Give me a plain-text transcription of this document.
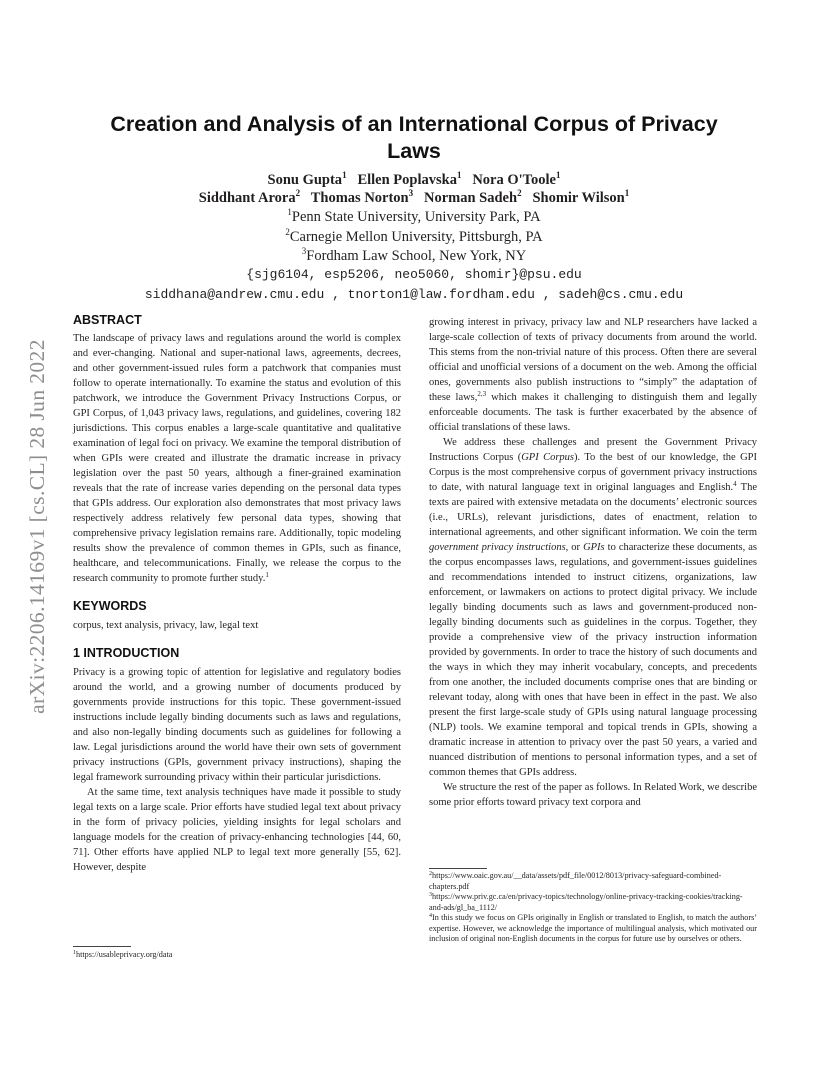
arXiv:2206.14169v1 [cs.CL] 28 Jun 2022
Creation and Analysis of an International Corpus of Privacy
Laws
Sonu Gupta$^1$ Ellen Poplavska$^1$ Nora O'Toole$^1$
Siddhant Arora$^2$ Thomas Norton$^3$ Norman Sadeh$^2$ Shomir Wilson$^1$
$^1$Penn State University, University Park, PA
$^2$Carnegie Mellon University, Pittsburgh, PA
$^3$Fordham Law School, New York, NY
{sjg6104, esp5206, neo5060, shomir}@psu.edu
siddhana@andrew.cmu.edu , tnorton1@law.fordham.edu , sadeh@cs.cmu.edu

ABSTRACT

The landscape of privacy laws and regulations around the world is complex and ever-changing. National and super-national laws, agreements, decrees, and other government-issued rules form a patchwork that companies must follow to operate internationally. To examine the status and evolution of this patchwork, we introduce the Government Privacy Instructions Corpus, or GPI Corpus, of 1,043 privacy laws, regulations, and guidelines, covering 182 jurisdictions. This corpus enables a large-scale quantitative and qualitative examination of legal foci on privacy. We examine the temporal distribution of when GPIs were created and illustrate the dramatic increase in privacy legislation over the past 50 years, although a finer-grained examination reveals that the rate of increase varies depending on the personal data types that GPIs address. Our exploration also demonstrates that most privacy laws respectively address relatively few personal data types, showing that comprehensive privacy legislation remains rare. Additionally, topic modeling results show the prevalence of common themes in GPIs, such as finance, healthcare, and telecommunications. Finally, we release the corpus to the research community to promote further study.$^1$

KEYWORDS

corpus, text analysis, privacy, law, legal text

1 INTRODUCTION

Privacy is a growing topic of attention for legislative and regulatory bodies around the world, and a growing number of documents produced by governments provide instructions for this topic. These government-issued instructions include legally binding documents such as laws and regulations, and also non-legally binding documents such as guidelines for following a law. Legal jurisdictions around the world have their own sets of government privacy instructions (GPIs, government privacy instructions), shaping the legal framework surrounding privacy within their particular jurisdictions.

At the same time, text analysis techniques have made it possible to study legal texts on a large scale. Prior efforts have studied legal text about privacy in the form of privacy policies, yielding insights for legal scholars and language models for the creation of privacy-enhancing technologies [44, 60, 71]. Other efforts have applied NLP to legal text more generally [55, 62]. However, despite

$^1$https://usableprivacy.org/data

growing interest in privacy, privacy law and NLP researchers have lacked a large-scale collection of texts of privacy documents from around the world. This stems from the non-trivial nature of this process. Often there are several official and unofficial versions of a document on the web. Among the official ones, governments also publish instructions to “simply” the adaptation of these laws,$^{2,3}$ which makes it challenging to distinguish them and legally enforceable documents. The task is further exacerbated by the absence of official translations of these laws.

We address these challenges and present the Government Privacy Instructions Corpus (GPI Corpus). To the best of our knowledge, the GPI Corpus is the most comprehensive corpus of government privacy instructions to date, with natural language text in original languages and English.$^4$ The texts are paired with extensive metadata on the documents’ electronic sources (i.e., URLs), relevant jurisdictions, dates of enactment, relation to international agreements, and other significant information. We coin the term government privacy instructions, or GPIs to characterize these documents, as the corpus encompasses laws, regulations, and government-issues guidelines and recommendations intended to instruct citizens, organizations, law enforcement, or lawmakers on actions to protect digital privacy. We include legally binding documents such as laws and government-produced non-legally binding documents such as guidelines in the corpus. Together, they provide a comprehensive view of the privacy instruction information provided by governments. In order to trace the history of such documents and the ways in which they may inherit vocabulary, concepts, and precedents from one another, the included documents comprise ones that are binding or relevant today, along with ones that have been in effect in the past. We also present the first large-scale study of GPIs using natural language processing (NLP) tools. We examine temporal and topical trends in GPIs, showing a dramatic increase in attention to privacy over the past 50 years, a varied and nuanced distribution of mentions to personal information types, and a set of common themes that GPIs address.

We structure the rest of the paper as follows. In Related Work, we describe some prior efforts toward privacy text corpora and

$^2$https://www.oaic.gov.au/__data/assets/pdf_file/0012/8013/privacy-safeguard-combined-chapters.pdf

$^3$https://www.priv.gc.ca/en/privacy-topics/technology/online-privacy-tracking-cookies/tracking-and-ads/gl_ba_1112/

$^4$In this study we focus on GPIs originally in English or translated to English, to match the authors’ expertise. However, we acknowledge the importance of multilingual analysis, which motivated our inclusion of original non-English documents in the corpus for future use by ourselves or others.
